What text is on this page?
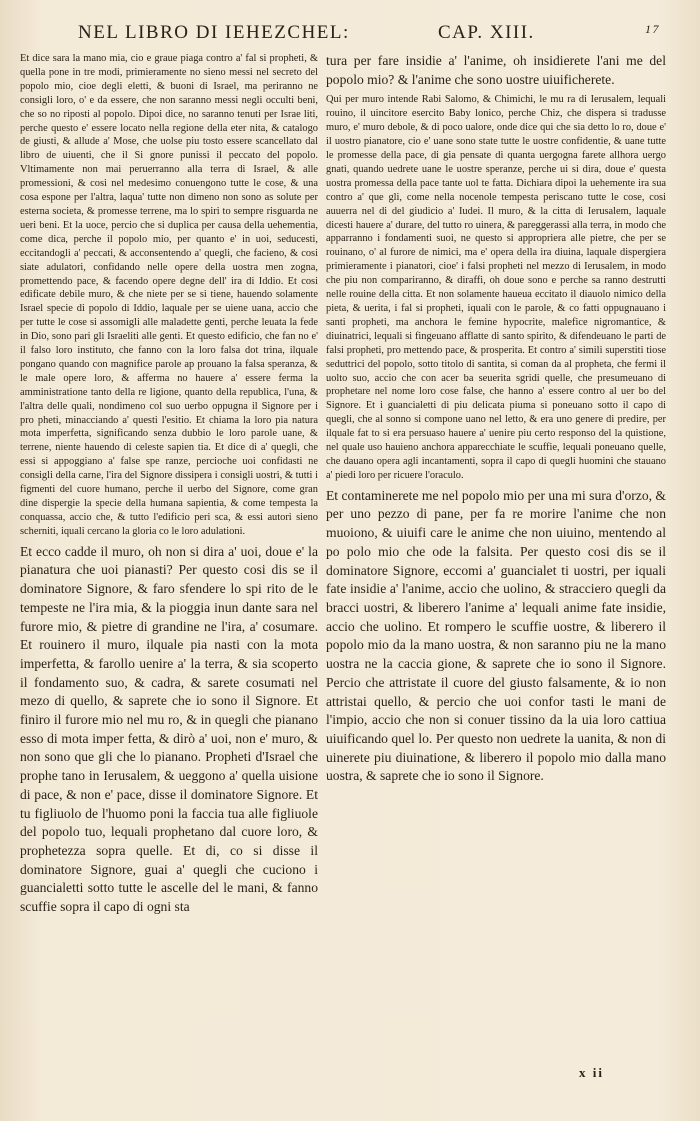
NEL LIBRO DI IEHEZCHEL:	CAP. XIII.	17

Et dice sara la mano mia, cio e graue piaga contro a' fal si propheti, & quella pone in tre modi, primieramente no sieno messi nel secreto del popolo mio, cioe degli eletti, & buoni di Israel, ma periranno ne consigli loro, o' e da essere, che non saranno messi negli occulti beni, che so no riposti al popolo. Dipoi dice, no saranno tenuti per Israe liti, perche questo e' essere locato nella regione della eter nita, & catalogo de giusti, & allude a' Mose, che uolse piu tosto essere scancellato dal libro de uiuenti, che il Si gnore punissi il peccato del popolo. Vltimamente non mai peruerranno alla terra di Israel, & alle promessioni, & cosi nel medesimo conuengono tutte le cose, & una cosa espone per l'altra, laqua' tutte non dimeno non sono as solute per esterna societa, & promesse terrene, ma lo spiri to sempre risguarda ne ueri beni. Et la uoce, percio che si duplica per causa della uehementia, come dica, perche il popolo mio, per quanto e' in uoi, seducesti, eccitandogli a' peccati, & acconsentendo a' quegli, che facieno, & cosi siate adulatori, confidando nelle opere della uostra men zogna, promettendo pace, & facendo opere degne dell' ira di Iddio. Et cosi edificate debile muro, & che niete per se si tiene, hauendo solamente Israel specie di popolo di Iddio, laquale per se uiene uana, accio che per tutte le cose si assomigli alle maladette genti, perche leuata la fede in Dio, sono pari gli Israeliti alle genti. Et questo edificio, che fan no e' il falso loro instituto, che fanno con la loro falsa dot trina, ilquale pongano quando con magnifice parole ap prouano la falsa speranza, & le male opere loro, & afferma no hauere a' essere ferma la amministratione tanto della re ligione, quanto della republica, l'una, & l'altra delle quali, nondimeno col suo uerbo oppugna il Signore per i pro pheti, minacciando a' questi l'esitio. Et chiama la loro pia natura mota imperfetta, significando senza dubbio le loro parole uane, & terrene, niente hauendo di celeste sapien tia. Et dice di a' quegli, che essi si appoggiano a' false spe ranze, percioche uoi confidasti ne consigli della carne, l'ira del Signore dissipera i consigli uostri, & tutti i figmenti del cuore humano, perche il uerbo del Signore, come gran dine dispergie la specie della humana sapientia, & come tempesta la conquassa, accio che, & tutto l'edificio peri sca, & essi autori sieno scherniti, iquali cercano la gloria co le loro adulationi.

Et ecco cadde il muro, oh non si dira a' uoi, doue e' la pianatura che uoi pianasti? Per questo cosi dis se il dominatore Signore, & faro sfendere lo spi rito de le tempeste ne l'ira mia, & la pioggia inun dante sara nel furore mio, & pietre di grandine ne l'ira, a' cosumare. Et rouinero il muro, ilquale pia nasti con la mota imperfetta, & farollo uenire a' la terra, & sia scoperto il fondamento suo, & cadra, & sarete cosumati nel mezo di quello, & saprete che io sono il Signore. Et finiro il furore mio nel mu ro, & in quegli che pianano esso di mota imper fetta, & dirò a' uoi, non e' muro, & non sono que gli che lo pianano. Propheti d'Israel che prophe tano in Ierusalem, & ueggono a' quella uisione di pace, & non e' pace, disse il dominatore Signore. Et tu figliuolo de l'huomo poni la faccia tua alle figliuole del popolo tuo, lequali prophetano dal cuore loro, & prophetezza sopra quelle. Et di, co si disse il dominatore Signore, guai a' quegli che cuciono i guancialetti sotto tutte le ascelle del le mani, & fanno scuffie sopra il capo di ogni sta

tura per fare insidie a' l'anime, oh insidierete l'ani me del popolo mio? & l'anime che sono uostre uiuificherete.

Qui per muro intende Rabi Salomo, & Chimichi, le mu ra di Ierusalem, lequali rouino, il uincitore esercito Baby lonico, perche Chiz, che dispera si tradusse muro, e' muro debole, & di poco ualore, onde dice qui che sia detto lo ro, doue e' il uostro pianatore, cio e' uane sono state tutte le uostre confidentie, & uane tutte le promesse della pace, di gia pensate di quanta uergogna farete allhora uergo gnati, quando uedrete uane le uostre speranze, perche ui si dira, doue e' questa uostra promessa della pace tante uol te fatta. Dichiara dipoi la uehemente ira sua contro a' que gli, come nella nocenole tempesta periscano tutte le cose, cosi auuerra nel di del giudicio a' Iudei. Il muro, & la citta di Ierusalem, laquale dicesti hauere a' durare, del tutto ro uinera, & pareggerassi alla terra, in modo che apparranno i fondamenti suoi, ne questo si appropriera alle pietre, che per se rouinano, o' al furore de nimici, ma e' opera della ira diuina, laquale dispergiera primieramente i pianatori, cioe' i falsi propheti nel mezzo di Ierusalem, in modo che piu non compariranno, & diraffi, oh doue sono e perche sa ranno destrutti nelle rouine della citta. Et non solamente haueua eccitato il diauolo nimico della pieta, & uerita, i fal si propheti, iquali con le parole, & co fatti oppugnauano i santi propheti, ma anchora le femine hypocrite, malefice nigromantice, & diuinatrici, lequali si fingeuano afflatte di santo spirito, & difendeuano le parti de falsi propheti, pro mettendo pace, & prosperita. Et contro a' simili superstiti tiose seduttrici del popolo, sotto titolo di santita, si coman da al propheta, che fermi il uolto suo, accio che con acer ba seuerita sgridi quelle, che presumeuano di prophetare nel nome loro cose false, che hanno a' essere contro al uer bo del Signore. Et i guancialetti di piu delicata piuma si poneuano sotto il capo di quegli, che al sonno si compone uano nel letto, & era uno genere di predire, per ilquale fat to si era persuaso hauere a' uenire piu certo responso del la quistione, nel quale uso hauieno anchora apparecchiate le scuffie, lequali poneuano quelle, che dauano opera agli incantamenti, sopra il capo di quegli huomini che stauano a' piedi loro per ricuere l'oraculo.

Et contaminerete me nel popolo mio per una mi sura d'orzo, & per uno pezzo di pane, per fa re morire l'anime che non muoiono, & uiuifi care le anime che non uiuino, mentendo al po polo mio che ode la falsita. Per questo cosi dis se il dominatore Signore, eccomi a' guancialet ti uostri, per iquali fate insidie a' l'anime, accio che uolino, & stracciero quegli da bracci uostri, & liberero l'anime a' lequali anime fate insidie, accio che uolino. Et rompero le scuffie uostre, & liberero il popolo mio da la mano uostra, & non saranno piu ne la mano uostra ne la caccia gione, & saprete che io sono il Signore. Percio che attristate il cuore del giusto falsamente, & io non attristai quello, & percio che uoi confor tasti le mani de l'impio, accio che non si conuer tissino da la uia loro cattiua uiuificando quel lo. Per questo non uedrete la uanita, & non di uinerete piu diuinatione, & liberero il popolo mio dalla mano uostra, & saprete che io sono il Signore.

x ii
